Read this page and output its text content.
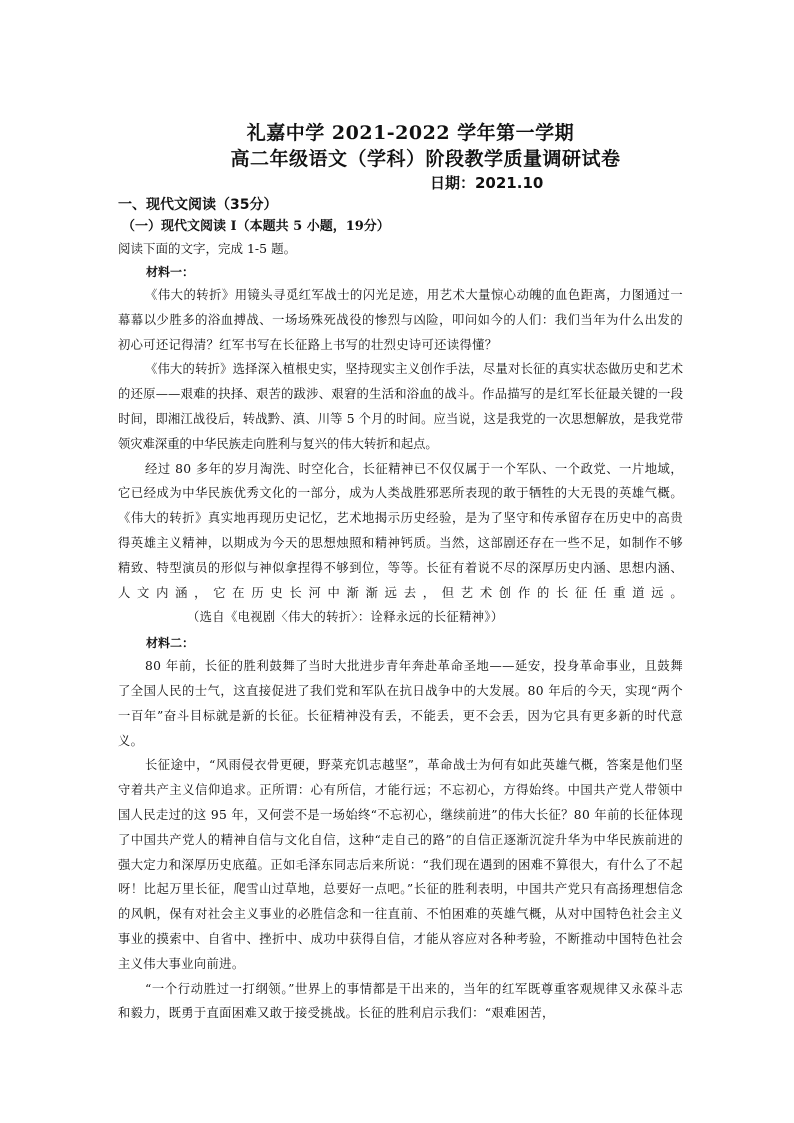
礼嘉中学 2021-2022 学年第一学期

高二年级语文（学科）阶段教学质量调研试卷

日期：2021.10

一、现代文阅读（35分）

（一）现代文阅读 I（本题共 5 小题，19分）

阅读下面的文字，完成 1-5 题。

材料一：

《伟大的转折》用镜头寻觅红军战士的闪光足迹，用艺术大量惊心动魄的血色距离，力图通过一幕幕以少胜多的浴血搏战、一场场殊死战役的惨烈与凶险，叩问如今的人们：我们当年为什么出发的初心可还记得清？红军书写在长征路上书写的壮烈史诗可还读得懂？

《伟大的转折》选择深入植根史实，坚持现实主义创作手法，尽量对长征的真实状态做历史和艺术的还原——艰难的抉择、艰苦的跋涉、艰窘的生活和浴血的战斗。作品描写的是红军长征最关键的一段时间，即湘江战役后，转战黔、滇、川等 5 个月的时间。应当说，这是我党的一次思想解放，是我党带领灾难深重的中华民族走向胜利与复兴的伟大转折和起点。

经过 80 多年的岁月淘洗、时空化合，长征精神已不仅仅属于一个军队、一个政党、一片地域，它已经成为中华民族优秀文化的一部分，成为人类战胜邪恶所表现的敢于牺牲的大无畏的英雄气概。《伟大的转折》真实地再现历史记忆，艺术地揭示历史经验，是为了坚守和传承留存在历史中的高贵得英雄主义精神，以期成为今天的思想烛照和精神钙质。当然，这部剧还存在一些不足，如制作不够精致、特型演员的形似与神似拿捏得不够到位，等等。长征有着说不尽的深厚历史内涵、思想内涵、人文内涵，它在历史长河中渐渐远去，但艺术创作的长征任重道远。（选自《电视剧〈伟大的转折〉：诠释永远的长征精神》）

材料二：

80 年前，长征的胜利鼓舞了当时大批进步青年奔赴革命圣地——延安，投身革命事业，且鼓舞了全国人民的士气，这直接促进了我们党和军队在抗日战争中的大发展。80 年后的今天，实现“两个一百年”奋斗目标就是新的长征。长征精神没有丢，不能丢，更不会丢，因为它具有更多新的时代意义。

长征途中，“风雨侵衣骨更硬，野菜充饥志越坚”，革命战士为何有如此英雄气概，答案是他们坚守着共产主义信仰追求。正所谓：心有所信，才能行远；不忘初心，方得始终。中国共产党人带领中国人民走过的这 95 年，又何尝不是一场始终“不忘初心，继续前进”的伟大长征？80 年前的长征体现了中国共产党人的精神自信与文化自信，这种“走自己的路”的自信正逐渐沉淀升华为中华民族前进的强大定力和深厚历史底蕴。正如毛泽东同志后来所说：“我们现在遇到的困难不算很大，有什么了不起呀！比起万里长征，爬雪山过草地，总要好一点吧。”长征的胜利表明，中国共产党只有高扬理想信念的风帆，保有对社会主义事业的必胜信念和一往直前、不怕困难的英雄气概，从对中国特色社会主义事业的摸索中、自省中、挫折中、成功中获得自信，才能从容应对各种考验，不断推动中国特色社会主义伟大事业向前进。

“一个行动胜过一打纲领。”世界上的事情都是干出来的，当年的红军既尊重客观规律又永葆斗志和毅力，既勇于直面困难又敢于接受挑战。长征的胜利启示我们：“艰难困苦，
